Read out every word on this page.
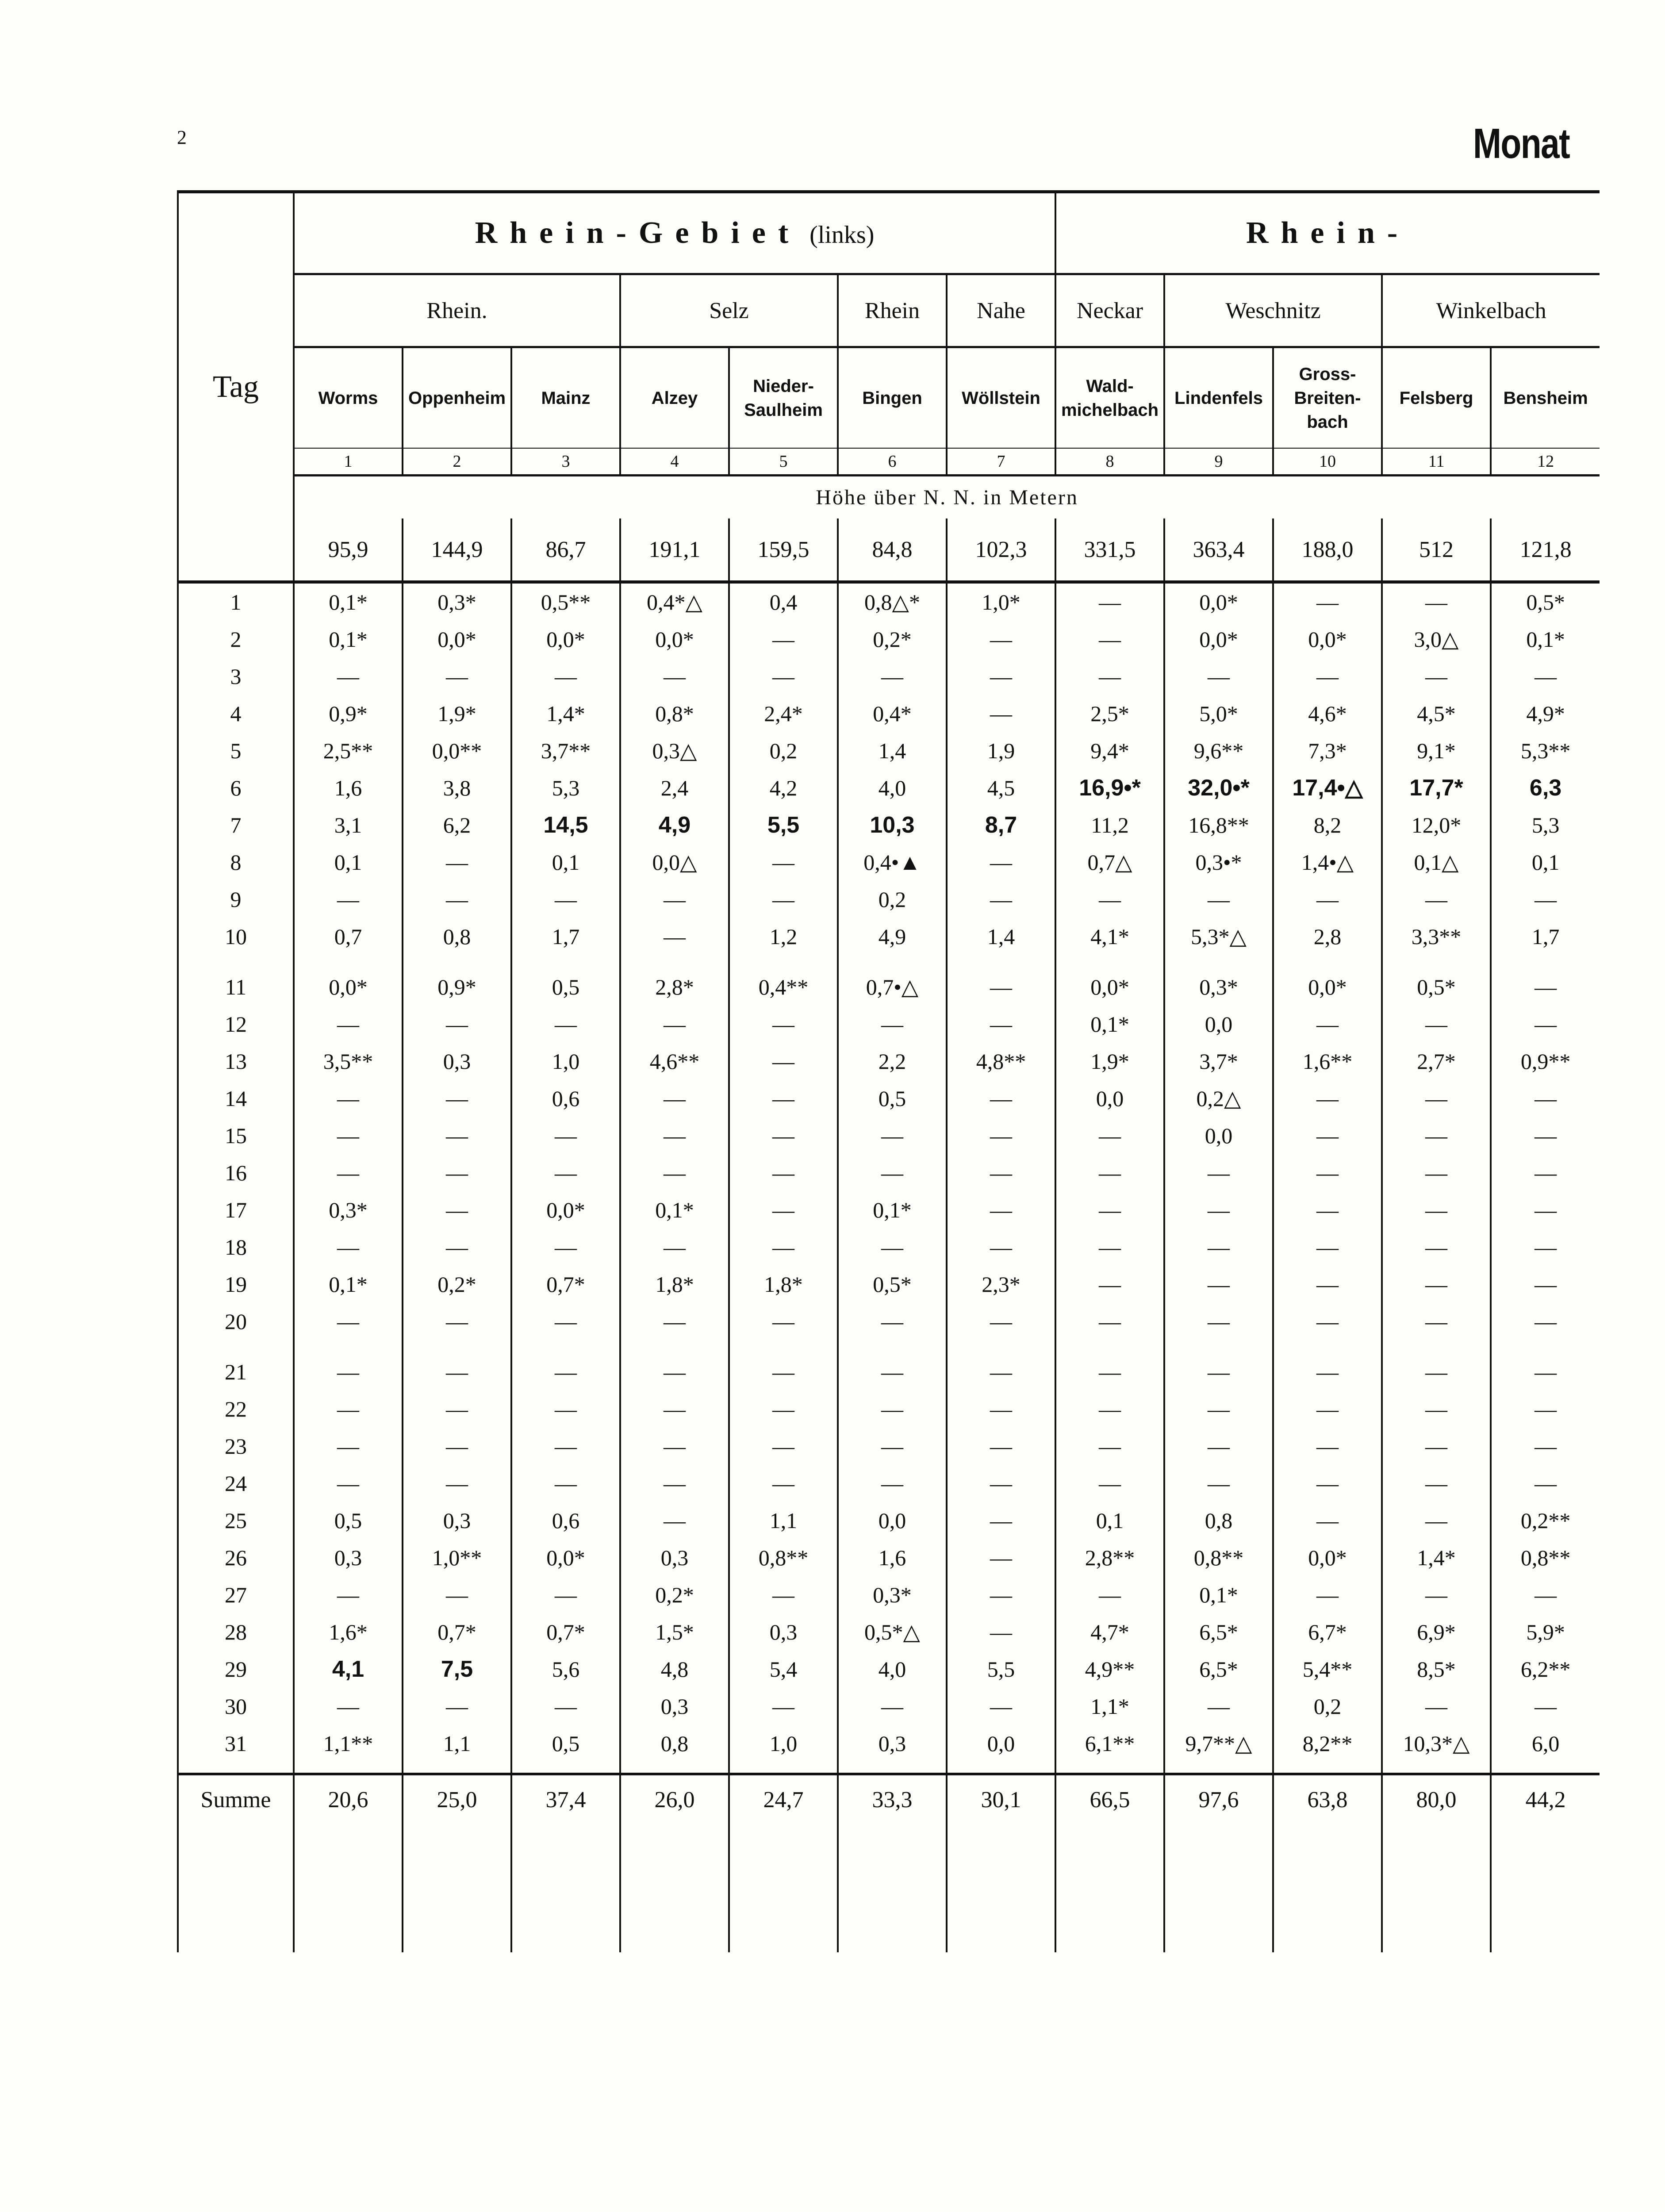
2	Monat
Tag	Rhein-Gebiet (links)							Rhein-				
	Rhein.			Selz		Rhein	Nahe	Neckar	Weschnitz		Winkelbach	
	Worms	Oppenheim	Mainz	Alzey	Nieder-Saulheim	Bingen	Wöllstein	Wald-michelbach	Lindenfels	Gross-Breiten-bach	Felsberg	Bensheim
	1	2	3	4	5	6	7	8	9	10	11	12
	Höhe über N. N. in Metern											
	95,9	144,9	86,7	191,1	159,5	84,8	102,3	331,5	363,4	188,0	512	121,8
1	0,1*	0,3*	0,5**	0,4*△	0,4	0,8△*	1,0*	—	0,0*	—	—	0,5*
2	0,1*	0,0*	0,0*	0,0*	—	0,2*	—	—	0,0*	0,0*	3,0△	0,1*
3	—	—	—	—	—	—	—	—	—	—	—	—
4	0,9*	1,9*	1,4*	0,8*	2,4*	0,4*	—	2,5*	5,0*	4,6*	4,5*	4,9*
5	2,5**	0,0**	3,7**	0,3△	0,2	1,4	1,9	9,4*	9,6**	7,3*	9,1*	5,3**
6	1,6	3,8	5,3	2,4	4,2	4,0	4,5	16,9•*	32,0•*	17,4•△	17,7*	6,3
7	3,1	6,2	14,5	4,9	5,5	10,3	8,7	11,2	16,8**	8,2	12,0*	5,3
8	0,1	—	0,1	0,0△	—	0,4•▲	—	0,7△	0,3•*	1,4•△	0,1△	0,1
9	—	—	—	—	—	0,2	—	—	—	—	—	—
10	0,7	0,8	1,7	—	1,2	4,9	1,4	4,1*	5,3*△	2,8	3,3**	1,7
11	0,0*	0,9*	0,5	2,8*	0,4**	0,7•△	—	0,0*	0,3*	0,0*	0,5*	—
12	—	—	—	—	—	—	—	0,1*	0,0	—	—	—
13	3,5**	0,3	1,0	4,6**	—	2,2	4,8**	1,9*	3,7*	1,6**	2,7*	0,9**
14	—	—	0,6	—	—	0,5	—	0,0	0,2△	—	—	—
15	—	—	—	—	—	—	—	—	0,0	—	—	—
16	—	—	—	—	—	—	—	—	—	—	—	—
17	0,3*	—	0,0*	0,1*	—	0,1*	—	—	—	—	—	—
18	—	—	—	—	—	—	—	—	—	—	—	—
19	0,1*	0,2*	0,7*	1,8*	1,8*	0,5*	2,3*	—	—	—	—	—
20	—	—	—	—	—	—	—	—	—	—	—	—
21	—	—	—	—	—	—	—	—	—	—	—	—
22	—	—	—	—	—	—	—	—	—	—	—	—
23	—	—	—	—	—	—	—	—	—	—	—	—
24	—	—	—	—	—	—	—	—	—	—	—	—
25	0,5	0,3	0,6	—	1,1	0,0	—	0,1	0,8	—	—	0,2**
26	0,3	1,0**	0,0*	0,3	0,8**	1,6	—	2,8**	0,8**	0,0*	1,4*	0,8**
27	—	—	—	0,2*	—	0,3*	—	—	0,1*	—	—	—
28	1,6*	0,7*	0,7*	1,5*	0,3	0,5*△	—	4,7*	6,5*	6,7*	6,9*	5,9*
29	4,1	7,5	5,6	4,8	5,4	4,0	5,5	4,9**	6,5*	5,4**	8,5*	6,2**
30	—	—	—	0,3	—	—	—	1,1*	—	0,2	—	—
31	1,1**	1,1	0,5	0,8	1,0	0,3	0,0	6,1**	9,7**△	8,2**	10,3*△	6,0
Summe	20,6	25,0	37,4	26,0	24,7	33,3	30,1	66,5	97,6	63,8	80,0	44,2
